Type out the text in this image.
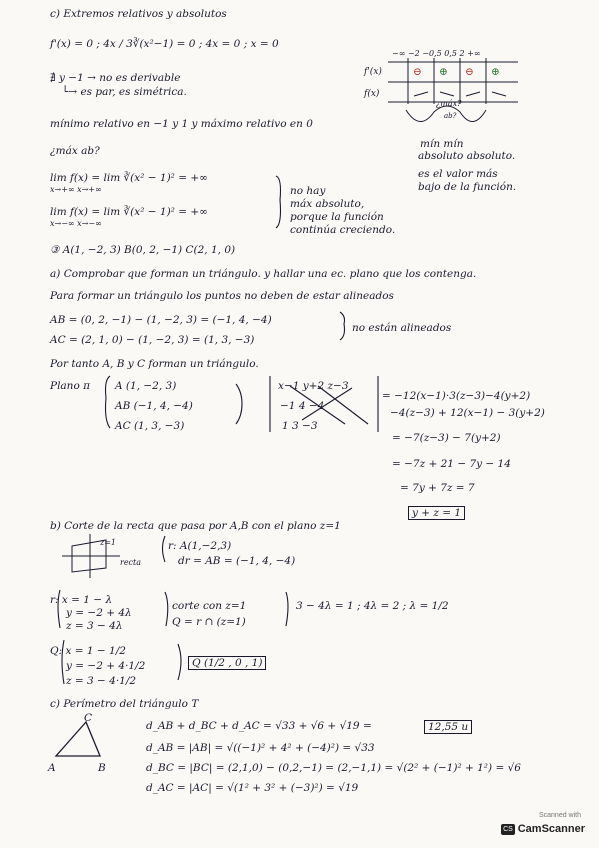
c) Extremos relativos y absolutos
f'(x) = 0 ; 4x / 3∛(x²−1) = 0 ; 4x = 0 ; x = 0
∄ y −1 → no es derivable
└→ es par, es simétrica.
mínimo relativo en −1 y 1 y máximo relativo en 0
¿máx ab?
lim f(x) = lim ∛(x² − 1)² = +∞
x→+∞ x→+∞
lim f(x) = lim ∛(x² − 1)² = +∞
x→−∞ x→−∞
no hay
máx absoluto,
porque la función
continúa creciendo.
mín mín
absoluto absoluto.
es el valor más
bajo de la función.
③ A(1, −2, 3) B(0, 2, −1) C(2, 1, 0)
a) Comprobar que forman un triángulo. y hallar una ec. plano que los contenga.
Para formar un triángulo los puntos no deben de estar alineados
AB = (0, 2, −1) − (1, −2, 3) = (−1, 4, −4)
AC = (2, 1, 0) − (1, −2, 3) = (1, 3, −3)
no están alineados
Por tanto A, B y C forman un triángulo.
Plano π A (1, −2, 3)
AB (−1, 4, −4)
AC (1, 3, −3)
x−1 y+2 z−3
−1 4 −4
1 3 −3
= −12(x−1)·3(z−3)−4(y+2)
−4(z−3) + 12(x−1) − 3(y+2)
= −7(z−3) − 7(y+2)
= −7z + 21 − 7y − 14
= 7y + 7z = 7
y + z = 1
b) Corte de la recta que pasa por A,B con el plano z=1
z=1
recta
r: A(1,−2,3)
dr = AB = (−1, 4, −4)
r: x = 1 − λ
y = −2 + 4λ
z = 3 − 4λ
corte con z=1
Q = r ∩ (z=1)
3 − 4λ = 1 ; 4λ = 2 ; λ = 1/2
Q: x = 1 − 1/2
y = −2 + 4·1/2
z = 3 − 4·1/2
Q (1/2 , 0 , 1)
c) Perímetro del triángulo T
d_AB + d_BC + d_AC = √33 + √6 + √19 =	12,55 u
d_AB = |AB| = √((−1)² + 4² + (−4)²) = √33
d_BC = |BC| = (2,1,0) − (0,2,−1) = (2,−1,1) = √(2² + (−1)² + 1²) = √6
d_AC = |AC| = √(1² + 3² + (−3)²) = √19
C
A	B
−∞ −2 −0,5 0,5 2 +∞
f'(x)
f(x)
⊖ ⊕ ⊖ ⊕
¿máx?
ab?
CS
Scanned with
CamScanner
